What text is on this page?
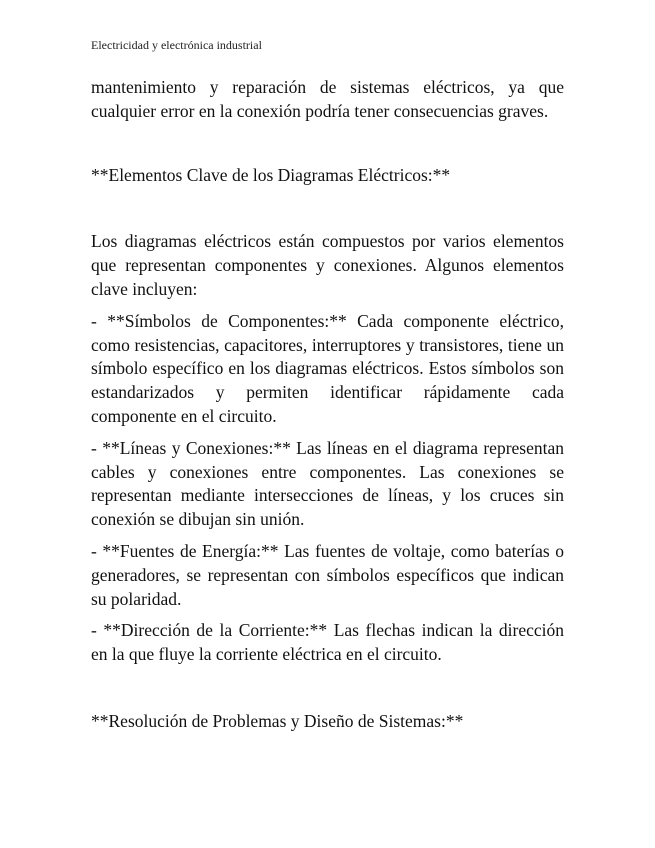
Electricidad y electrónica industrial

mantenimiento y reparación de sistemas eléctricos, ya que cualquier error en la conexión podría tener consecuencias graves.

**Elementos Clave de los Diagramas Eléctricos:**

Los diagramas eléctricos están compuestos por varios elementos que representan componentes y conexiones. Algunos elementos clave incluyen:

- **Símbolos de Componentes:** Cada componente eléctrico, como resistencias, capacitores, interruptores y transistores, tiene un símbolo específico en los diagramas eléctricos. Estos símbolos son estandarizados y permiten identificar rápidamente cada componente en el circuito.

- **Líneas y Conexiones:** Las líneas en el diagrama representan cables y conexiones entre componentes. Las conexiones se representan mediante intersecciones de líneas, y los cruces sin conexión se dibujan sin unión.

- **Fuentes de Energía:** Las fuentes de voltaje, como baterías o generadores, se representan con símbolos específicos que indican su polaridad.

- **Dirección de la Corriente:** Las flechas indican la dirección en la que fluye la corriente eléctrica en el circuito.

**Resolución de Problemas y Diseño de Sistemas:**
